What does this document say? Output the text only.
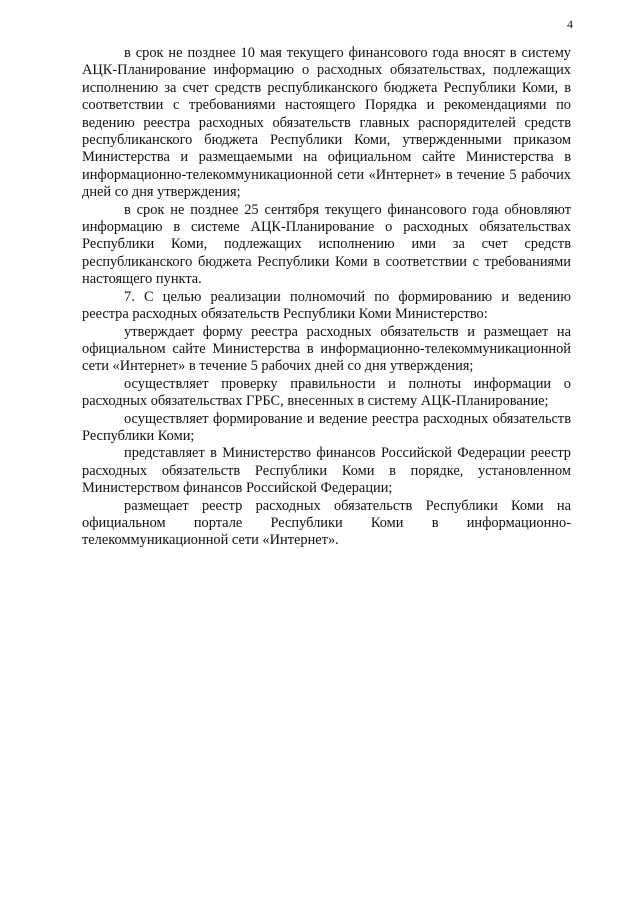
4

в срок не позднее 10 мая текущего финансового года вносят в систему АЦК-Планирование информацию о расходных обязательствах, подлежащих исполнению за счет средств республиканского бюджета Республики Коми, в соответствии с требованиями настоящего Порядка и рекомендациями по ведению реестра расходных обязательств главных распорядителей средств республиканского бюджета Республики Коми, утвержденными приказом Министерства и размещаемыми на официальном сайте Министерства в информационно-телекоммуникационной сети «Интернет» в течение 5 рабочих дней со дня утверждения;

в срок не позднее 25 сентября текущего финансового года обновляют информацию в системе АЦК-Планирование о расходных обязательствах Республики Коми, подлежащих исполнению ими за счет средств республиканского бюджета Республики Коми в соответствии с требованиями настоящего пункта.

7. С целью реализации полномочий по формированию и ведению реестра расходных обязательств Республики Коми Министерство:

утверждает форму реестра расходных обязательств и размещает на официальном сайте Министерства в информационно-телекоммуникационной сети «Интернет» в течение 5 рабочих дней со дня утверждения;

осуществляет проверку правильности и полноты информации о расходных обязательствах ГРБС, внесенных в систему АЦК-Планирование;

осуществляет формирование и ведение реестра расходных обязательств Республики Коми;

представляет в Министерство финансов Российской Федерации реестр расходных обязательств Республики Коми в порядке, установленном Министерством финансов Российской Федерации;

размещает реестр расходных обязательств Республики Коми на официальном портале Республики Коми в информационно-телекоммуникационной сети «Интернет».
